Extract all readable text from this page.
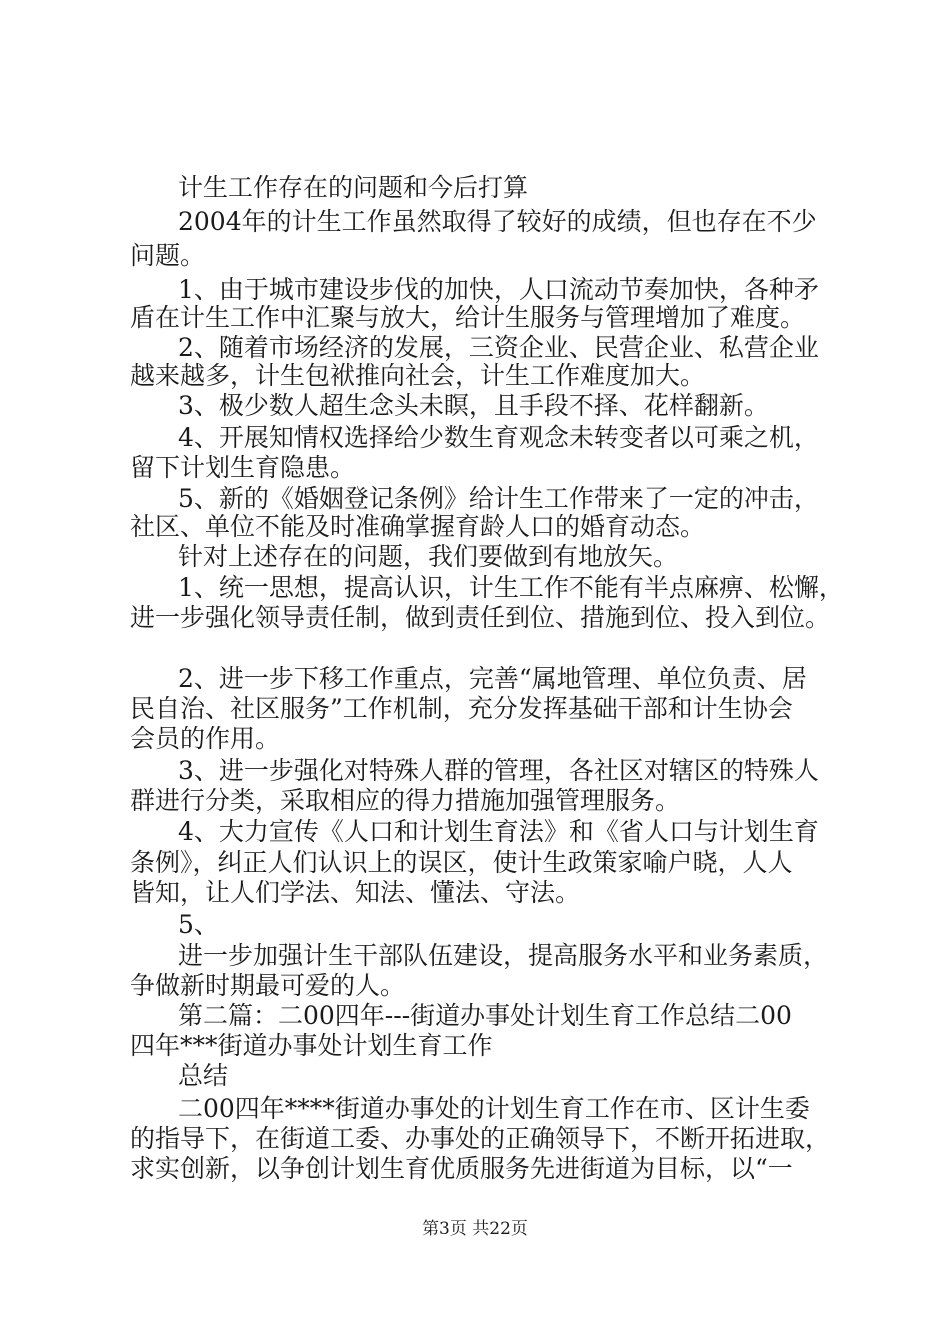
计生工作存在的问题和今后打算
2004年的计生工作虽然取得了较好的成绩，但也存在不少
问题。
1、由于城市建设步伐的加快，人口流动节奏加快，各种矛
盾在计生工作中汇聚与放大，给计生服务与管理增加了难度。
2、随着市场经济的发展，三资企业、民营企业、私营企业
越来越多，计生包袱推向社会，计生工作难度加大。
3、极少数人超生念头未瞑，且手段不择、花样翻新。
4、开展知情权选择给少数生育观念未转变者以可乘之机，
留下计划生育隐患。
5、新的《婚姻登记条例》给计生工作带来了一定的冲击，
社区、单位不能及时准确掌握育龄人口的婚育动态。
针对上述存在的问题，我们要做到有地放矢。
1、统一思想，提高认识，计生工作不能有半点麻痹、松懈，
进一步强化领导责任制，做到责任到位、措施到位、投入到位。
2、进一步下移工作重点，完善“属地管理、单位负责、居
民自治、社区服务”工作机制，充分发挥基础干部和计生协会
会员的作用。
3、进一步强化对特殊人群的管理，各社区对辖区的特殊人
群进行分类，采取相应的得力措施加强管理服务。
4、大力宣传《人口和计划生育法》和《省人口与计划生育
条例》，纠正人们认识上的误区，使计生政策家喻户晓，人人
皆知，让人们学法、知法、懂法、守法。
5、
进一步加强计生干部队伍建设，提高服务水平和业务素质，
争做新时期最可爱的人。
第二篇：二00四年---街道办事处计划生育工作总结二00
四年***街道办事处计划生育工作
总结
二00四年****街道办事处的计划生育工作在市、区计生委
的指导下，在街道工委、办事处的正确领导下，不断开拓进取，
求实创新，以争创计划生育优质服务先进街道为目标，以“一
第3页 共22页
